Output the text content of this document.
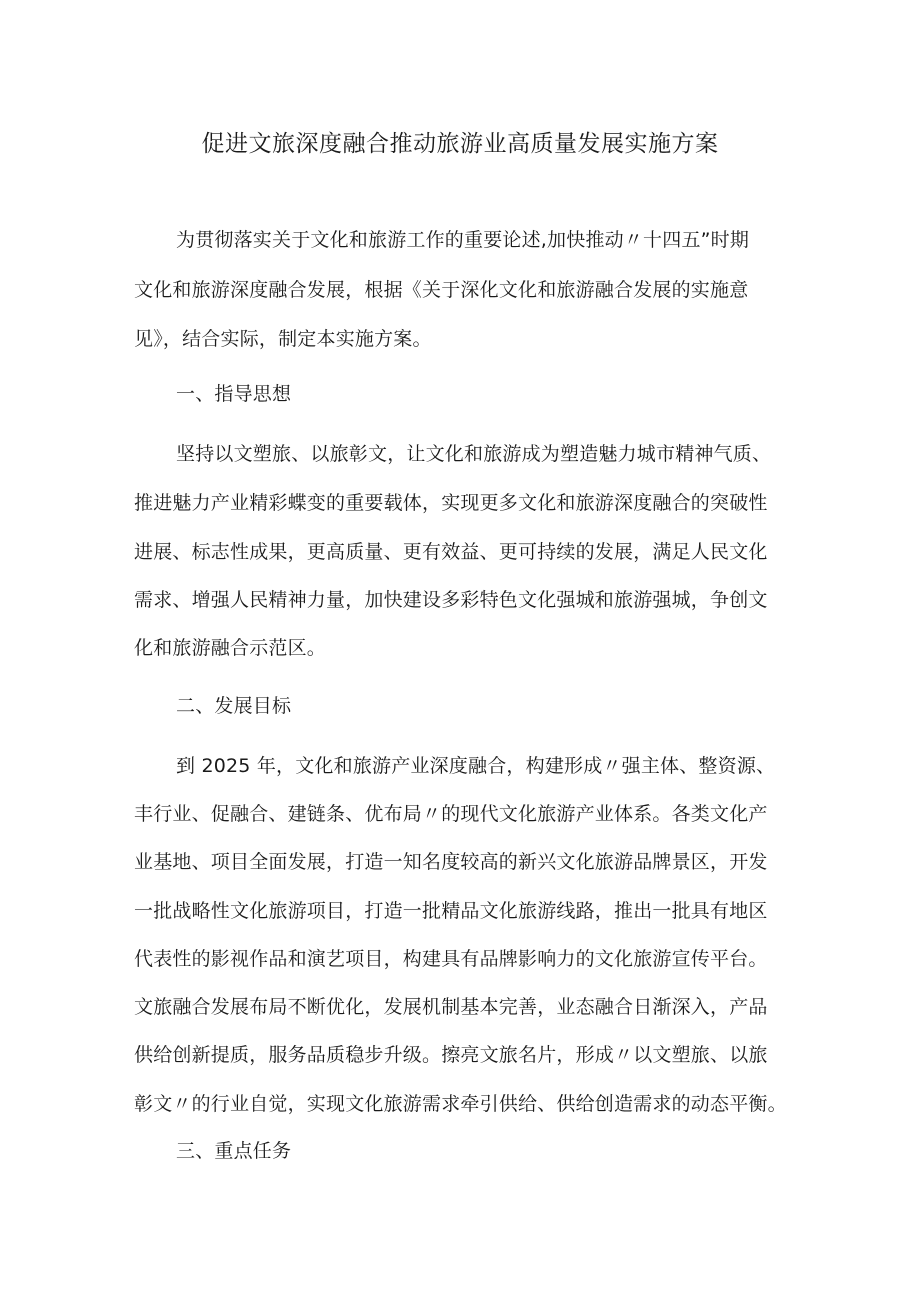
促进文旅深度融合推动旅游业高质量发展实施方案
为贯彻落实关于文化和旅游工作的重要论述,加快推动〃十四五”时期
文化和旅游深度融合发展，根据《关于深化文化和旅游融合发展的实施意
见》，结合实际，制定本实施方案。
一、指导思想
坚持以文塑旅、以旅彰文，让文化和旅游成为塑造魅力城市精神气质、
推进魅力产业精彩蝶变的重要载体，实现更多文化和旅游深度融合的突破性
进展、标志性成果，更高质量、更有效益、更可持续的发展，满足人民文化
需求、增强人民精神力量，加快建设多彩特色文化强城和旅游强城，争创文
化和旅游融合示范区。
二、发展目标
到 2025 年，文化和旅游产业深度融合，构建形成〃强主体、整资源、
丰行业、促融合、建链条、优布局〃的现代文化旅游产业体系。各类文化产
业基地、项目全面发展，打造一知名度较高的新兴文化旅游品牌景区，开发
一批战略性文化旅游项目，打造一批精品文化旅游线路，推出一批具有地区
代表性的影视作品和演艺项目，构建具有品牌影响力的文化旅游宣传平台。
文旅融合发展布局不断优化，发展机制基本完善，业态融合日渐深入，产品
供给创新提质，服务品质稳步升级。擦亮文旅名片，形成〃以文塑旅、以旅
彰文〃的行业自觉，实现文化旅游需求牵引供给、供给创造需求的动态平衡。
三、重点任务
